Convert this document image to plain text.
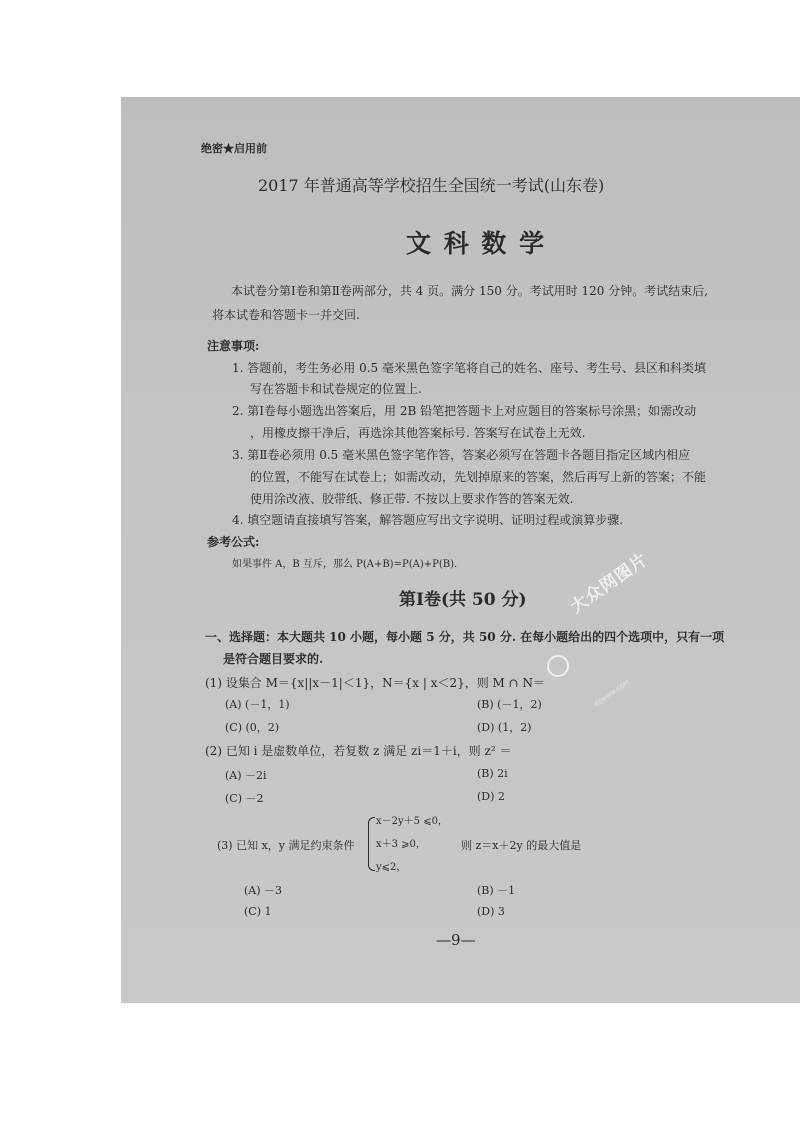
绝密★启用前
2017 年普通高等学校招生全国统一考试(山东卷)
文 科 数 学
本试卷分第Ⅰ卷和第Ⅱ卷两部分，共 4 页。满分 150 分。考试用时 120 分钟。考试结束后,
将本试卷和答题卡一并交回.
注意事项:
1. 答题前，考生务必用 0.5 毫米黑色签字笔将自己的姓名、座号、考生号、县区和科类填
写在答题卡和试卷规定的位置上.
2. 第Ⅰ卷每小题选出答案后，用 2B 铅笔把答题卡上对应题目的答案标号涂黑；如需改动
，用橡皮擦干净后，再选涂其他答案标号. 答案写在试卷上无效.
3. 第Ⅱ卷必须用 0.5 毫米黑色签字笔作答，答案必须写在答题卡各题目指定区域内相应
的位置，不能写在试卷上；如需改动，先划掉原来的答案，然后再写上新的答案；不能
使用涂改液、胶带纸、修正带. 不按以上要求作答的答案无效.
4. 填空题请直接填写答案，解答题应写出文字说明、证明过程或演算步骤.
参考公式:
如果事件 A，B 互斥，那么 P(A+B)=P(A)+P(B).
第Ⅰ卷(共 50 分)
一、选择题：本大题共 10 小题，每小题 5 分，共 50 分. 在每小题给出的四个选项中，只有一项
是符合题目要求的.
(1) 设集合 M＝{x||x－1|＜1}，N＝{x | x＜2}，则 M ∩ N＝
(A) (－1，1)	(B) (－1，2)
(C) (0，2)	(D) (1，2)
(2) 已知 i 是虚数单位，若复数 z 满足 zi＝1＋i，则 z² ＝
(A) －2i	(B) 2i
(C) －2	(D) 2
(3) 已知 x，y 满足约束条件
x－2y＋5 ⩽0，
x＋3 ⩾0，
y⩽2，
则 z＝x＋2y 的最大值是
(A) －3	(B) －1
(C) 1	(D) 3
—9—
大众网图片
dzwww.com
